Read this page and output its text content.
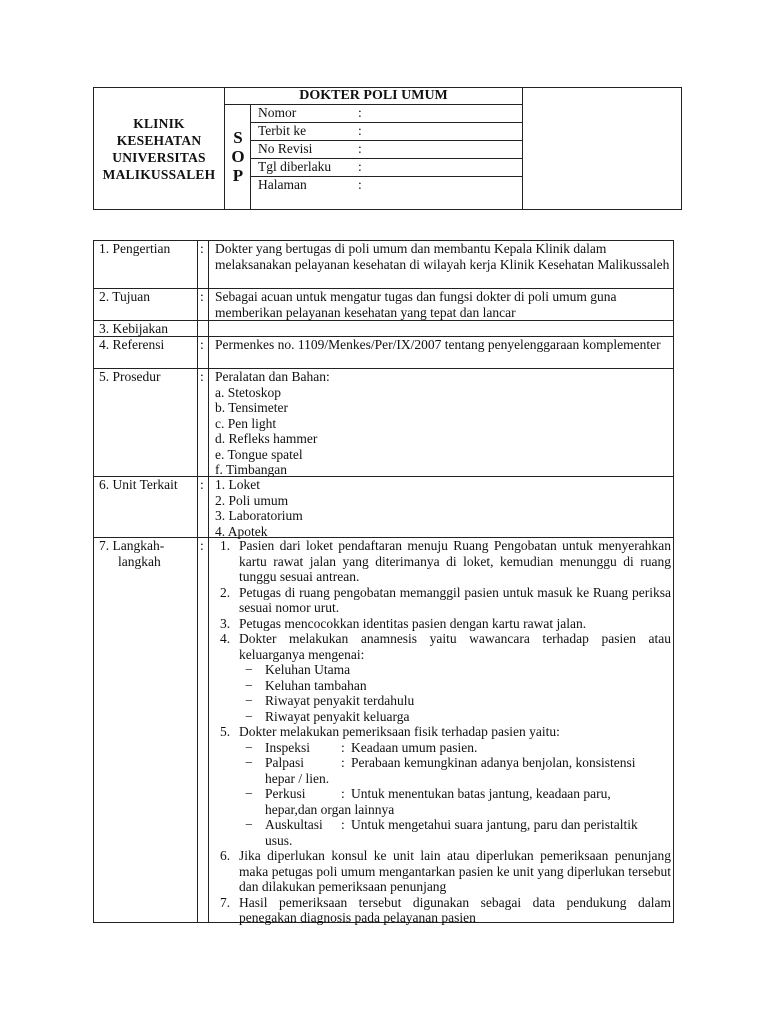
KLINIK KESEHATAN UNIVERSITAS MALIKUSSALEH
DOKTER POLI UMUM
S
O
P
Nomor	:
Terbit ke	:
No Revisi	:
Tgl diberlaku :
Halaman	:
1. Pengertian	: Dokter yang bertugas di poli umum dan membantu Kepala Klinik dalam melaksanakan pelayanan kesehatan di wilayah kerja Klinik Kesehatan Malikussaleh

2. Tujuan	: Sebagai acuan untuk mengatur tugas dan fungsi dokter di poli umum guna memberikan pelayanan kesehatan yang tepat dan lancar

3. Kebijakan
4. Referensi	: Permenkes no. 1109/Menkes/Per/IX/2007 tentang penyelenggaraan komplementer

5. Prosedur	: Peralatan dan Bahan:

a. Stetoskop

b. Tensimeter

c. Pen light

d. Refleks hammer

e. Tongue spatel

f. Timbangan

6. Unit Terkait	: 1. Loket

2. Poli umum

3. Laboratorium

4. Apotek

7. Langkah-
langkah
: 1. Pasien dari loket pendaftaran menuju Ruang Pengobatan untuk menyerahkan kartu rawat jalan yang diterimanya di loket, kemudian menunggu di ruang tunggu sesuai antrean.
2. Petugas di ruang pengobatan memanggil pasien untuk masuk ke Ruang periksa sesuai nomor urut.
3. Petugas mencocokkan identitas pasien dengan kartu rawat jalan.
4. Dokter melakukan anamnesis yaitu wawancara terhadap pasien atau keluarganya mengenai:
− Keluhan Utama
− Keluhan tambahan
− Riwayat penyakit terdahulu
− Riwayat penyakit keluarga
5. Dokter melakukan pemeriksaan fisik terhadap pasien yaitu:
− Inspeksi : Keadaan umum pasien.
− Palpasi	: Perabaan kemungkinan adanya benjolan, konsistensi
hepar / lien.
− Perkusi	: Untuk menentukan batas jantung, keadaan paru,
hepar,dan organ lainnya
− Auskultasi : Untuk mengetahui suara jantung, paru dan peristaltik
usus.
6. Jika diperlukan konsul ke unit lain atau diperlukan pemeriksaan penunjang maka petugas poli umum mengantarkan pasien ke unit yang diperlukan tersebut dan dilakukan pemeriksaan penunjang
7. Hasil pemeriksaan tersebut digunakan sebagai data pendukung dalam penegakan diagnosis pada pelayanan pasien
